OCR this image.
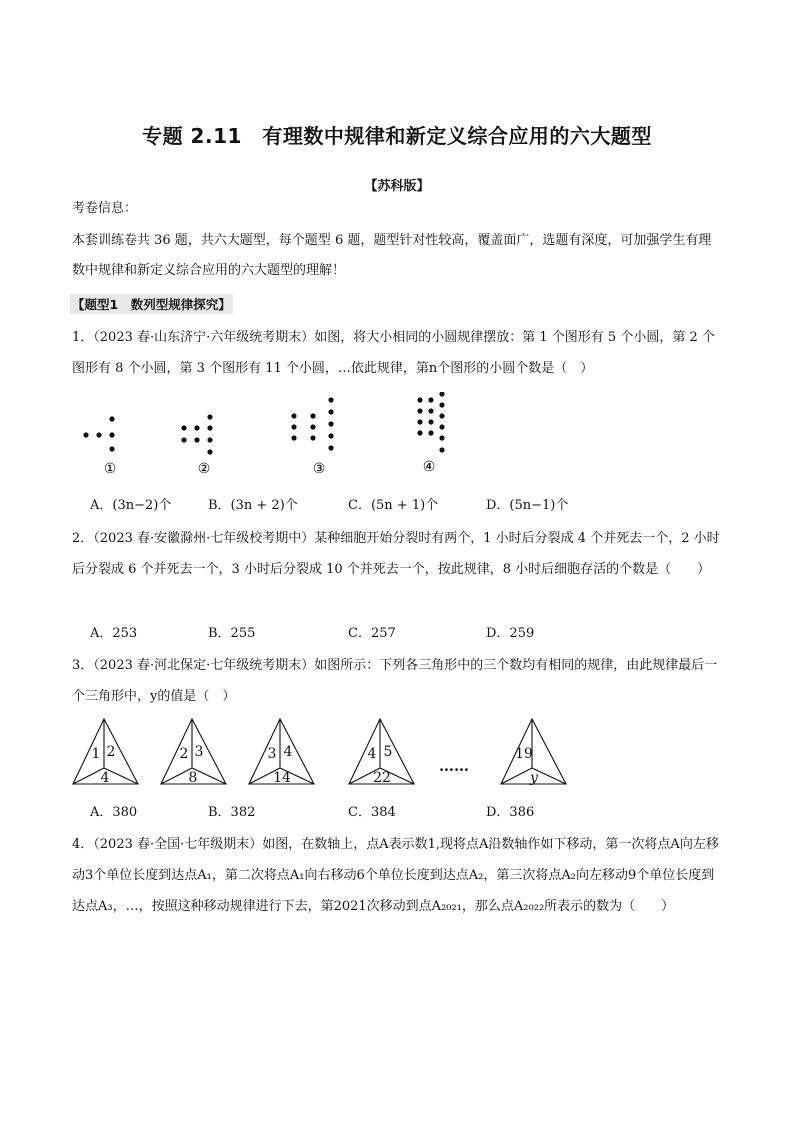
专题 2.11　有理数中规律和新定义综合应用的六大题型
【苏科版】
考卷信息：
本套训练卷共 36 题，共六大题型，每个题型 6 题，题型针对性较高，覆盖面广，选题有深度，可加强学生有理数中规律和新定义综合应用的六大题型的理解！
【题型1　数列型规律探究】
1．（2023 春·山东济宁·六年级统考期末）如图，将大小相同的小圆规律摆放：第 1 个图形有 5 个小圆，第 2 个图形有 8 个小圆，第 3 个图形有 11 个小圆，…依此规律，第n个图形的小圆个数是（　）
①	②	③	④
A．(3n−2)个	B．(3n + 2)个	C．(5n + 1)个	D．(5n−1)个
2．（2023 春·安徽滁州·七年级校考期中）某种细胞开始分裂时有两个，1 小时后分裂成 4 个并死去一个，2 小时后分裂成 6 个并死去一个，3 小时后分裂成 10 个并死去一个，按此规律，8 小时后细胞存活的个数是（　　）
A．253	B．255	C．257	D．259
3．（2023 春·河北保定·七年级统考期末）如图所示：下列各三角形中的三个数均有相同的规律，由此规律最后一个三角形中，y的值是（　）
1 2
4
2 3
8
3 4
14
4 5
22
……
19
y
A．380	B．382	C．384	D．386
4．（2023 春·全国·七年级期末）如图，在数轴上，点A表示数1,现将点A沿数轴作如下移动，第一次将点A向左移动3个单位长度到达点A₁，第二次将点A₁向右移动6个单位长度到达点A₂，第三次将点A₂向左移动9个单位长度到达点A₃，…，按照这种移动规律进行下去，第2021次移动到点A₂₀₂₁，那么点A₂₀₂₂所表示的数为（　　）
